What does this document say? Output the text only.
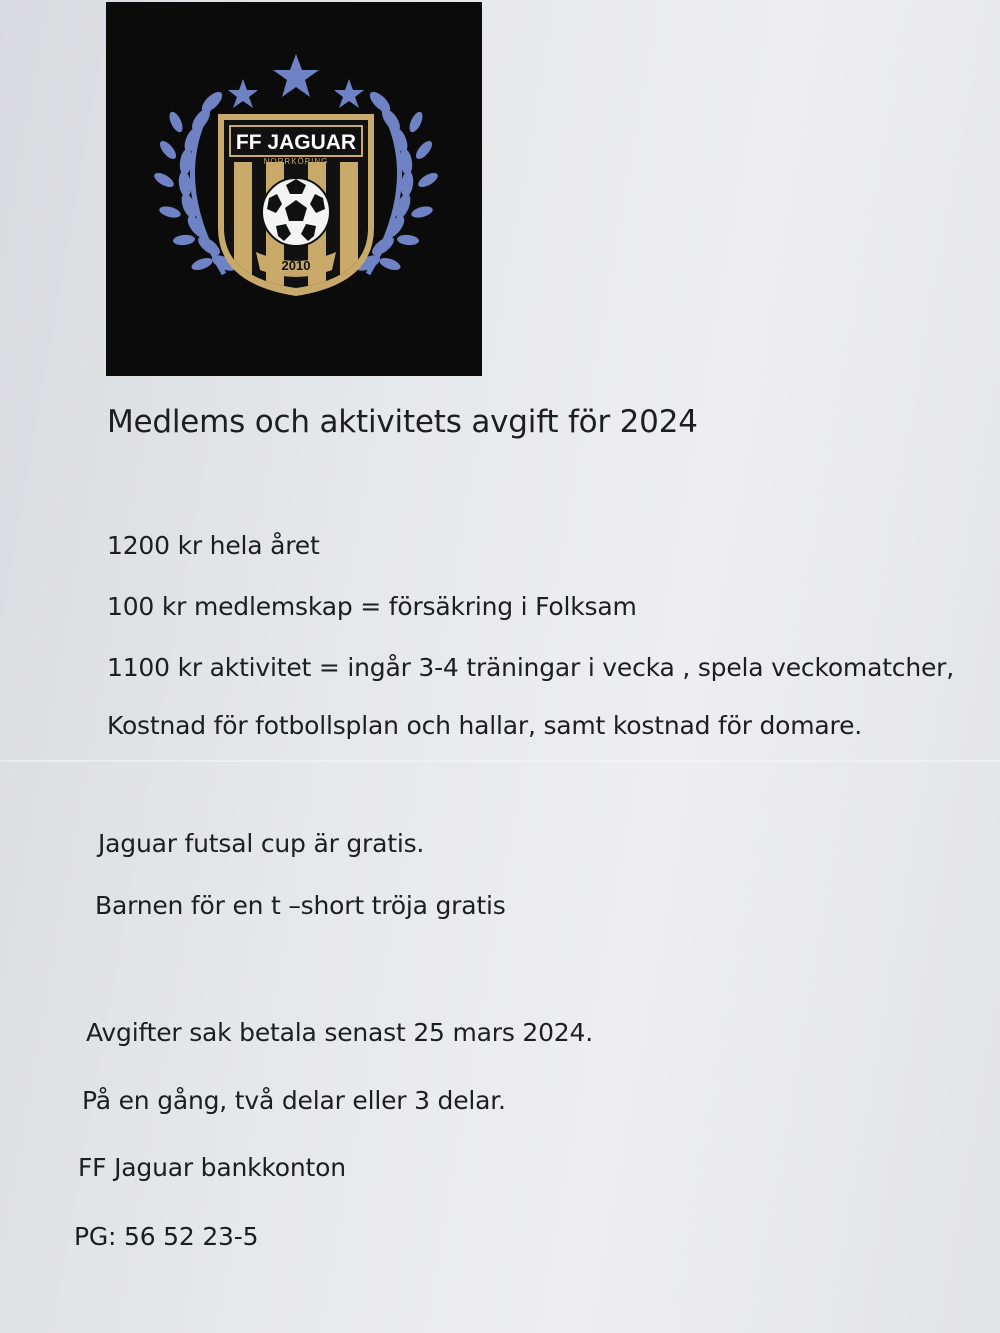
FF JAGUAR
NORRKÖPING
2010

Medlems och aktivitets avgift för 2024

1200 kr hela året

100 kr medlemskap = försäkring i Folksam

1100 kr aktivitet = ingår 3-4 träningar i vecka , spela veckomatcher,

Kostnad för fotbollsplan och hallar, samt kostnad för domare.

Jaguar futsal cup är gratis.

Barnen för en t –short tröja gratis

Avgifter sak betala senast 25 mars 2024.

På en gång, två delar eller 3 delar.

FF Jaguar bankkonton

PG: 56 52 23-5
